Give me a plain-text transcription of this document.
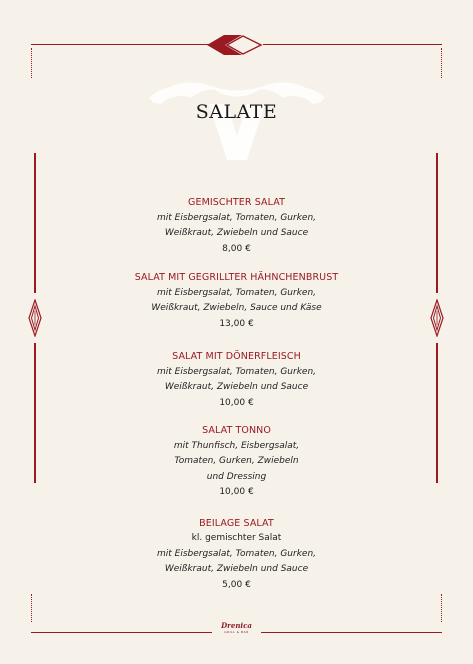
SALATE
GEMISCHTER SALAT
mit Eisbergsalat, Tomaten, Gurken,
Weißkraut, Zwiebeln und Sauce
8,00 €
SALAT MIT GEGRILLTER HÄHNCHENBRUST
mit Eisbergsalat, Tomaten, Gurken,
Weißkraut, Zwiebeln, Sauce und Käse
13,00 €
SALAT MIT DÖNERFLEISCH
mit Eisbergsalat, Tomaten, Gurken,
Weißkraut, Zwiebeln und Sauce
10,00 €
SALAT TONNO
mit Thunfisch, Eisbergsalat,
Tomaten, Gurken, Zwiebeln
und Dressing
10,00 €
BEILAGE SALAT
kl. gemischter Salat
mit Eisbergsalat, Tomaten, Gurken,
Weißkraut, Zwiebeln und Sauce
5,00 €
Drenica
GRILL & BAR
